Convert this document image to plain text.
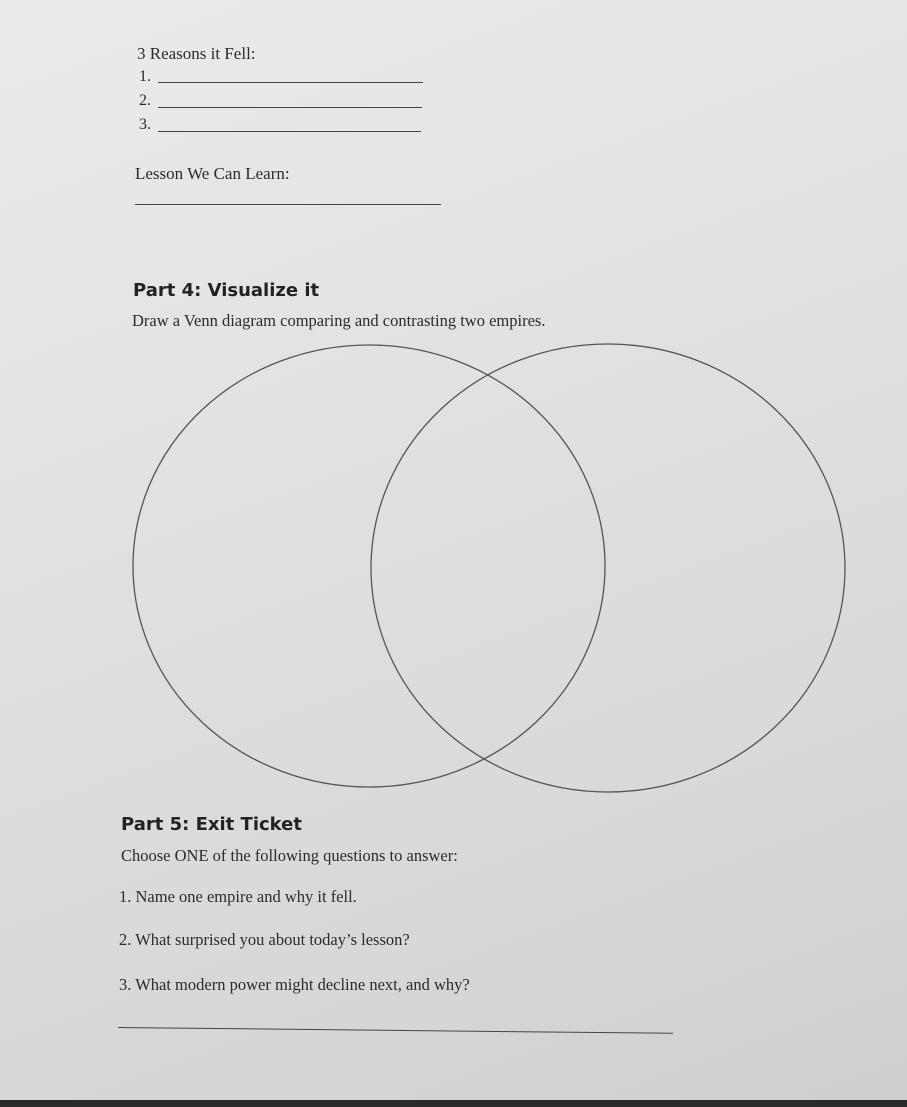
3 Reasons it Fell:
1.
2.
3.
Lesson We Can Learn:
Part 4: Visualize it
Draw a Venn diagram comparing and contrasting two empires.
Part 5: Exit Ticket
Choose ONE of the following questions to answer:
1. Name one empire and why it fell.
2. What surprised you about today’s lesson?
3. What modern power might decline next, and why?
